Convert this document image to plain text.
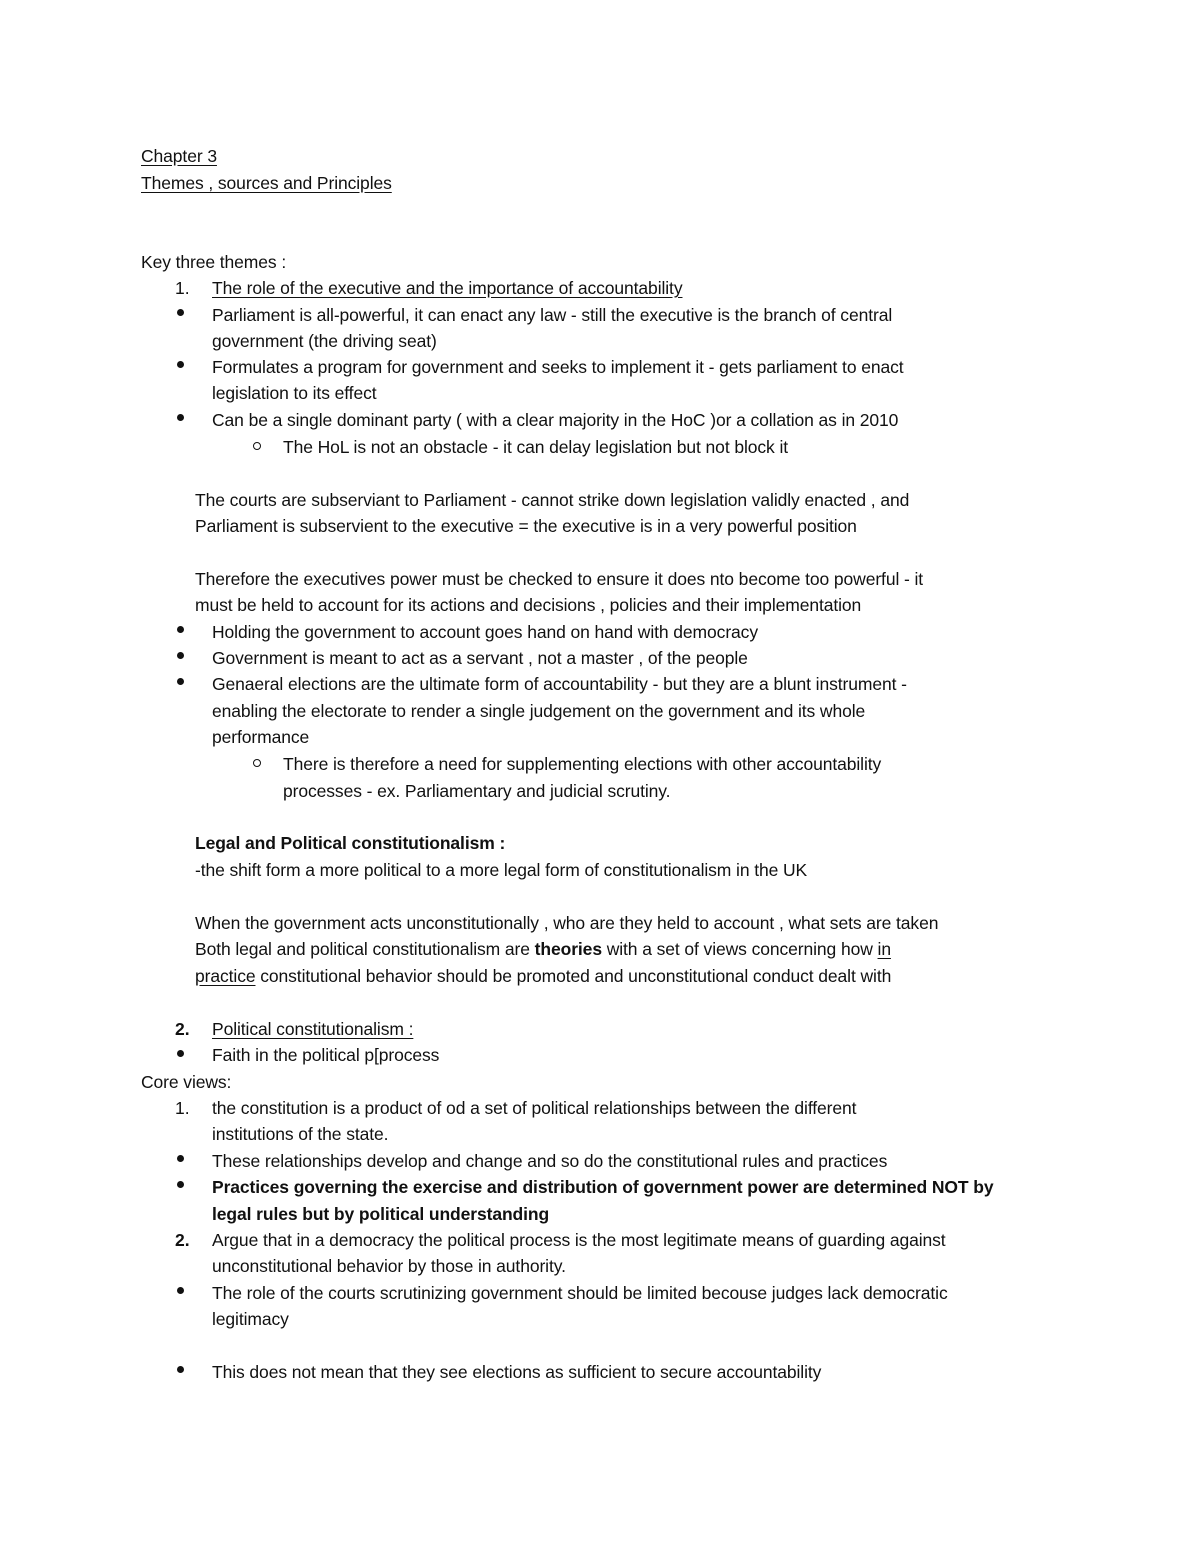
Chapter 3
Themes , sources and Principles
Key three themes :
1. The role of the executive and the importance of accountability
Parliament is all-powerful, it can enact any law - still the executive is the branch of central
government (the driving seat)
Formulates a program for government and seeks to implement it - gets parliament to enact
legislation to its effect
Can be a single dominant party ( with a clear majority in the HoC )or a collation as in 2010
The HoL is not an obstacle - it can delay legislation but not block it
The courts are subserviant to Parliament - cannot strike down legislation validly enacted , and
Parliament is subservient to the executive = the executive is in a very powerful position
Therefore the executives power must be checked to ensure it does nto become too powerful - it
must be held to account for its actions and decisions , policies and their implementation
Holding the government to account goes hand on hand with democracy
Government is meant to act as a servant , not a master , of the people
Genaeral elections are the ultimate form of accountability - but they are a blunt instrument -
enabling the electorate to render a single judgement on the government and its whole
performance
There is therefore a need for supplementing elections with other accountability
processes - ex. Parliamentary and judicial scrutiny.
Legal and Political constitutionalism :
-the shift form a more political to a more legal form of constitutionalism in the UK
When the government acts unconstitutionally , who are they held to account , what sets are taken
Both legal and political constitutionalism are theories with a set of views concerning how in
practice constitutional behavior should be promoted and unconstitutional conduct dealt with
2. Political constitutionalism :
Faith in the political p[process
Core views:
1. the constitution is a product of od a set of political relationships between the different
institutions of the state.
These relationships develop and change and so do the constitutional rules and practices
Practices governing the exercise and distribution of government power are determined NOT by
legal rules but by political understanding
2. Argue that in a democracy the political process is the most legitimate means of guarding against
unconstitutional behavior by those in authority.
The role of the courts scrutinizing government should be limited becouse judges lack democratic
legitimacy
This does not mean that they see elections as sufficient to secure accountability
